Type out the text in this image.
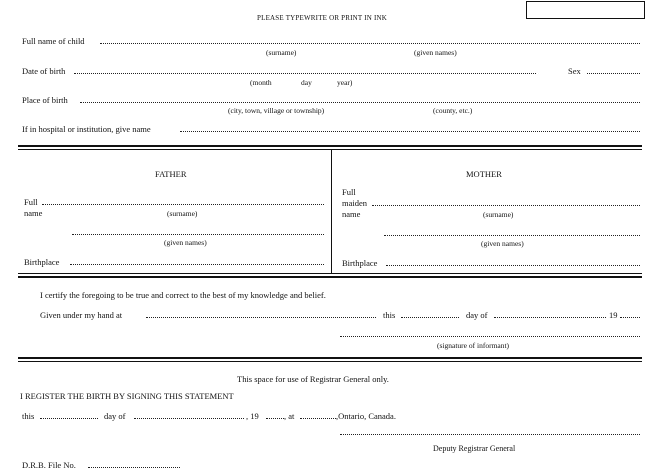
PLEASE TYPEWRITE OR PRINT IN INK
Full name of child
(surname)	(given names)
Date of birth	Sex
(month	day	year)
Place of birth
(city, town, village or township)	(county, etc.)
If in hospital or institution, give name
FATHER
Full
name	(surname)
(given names)
Birthplace
MOTHER
Full
maiden
name	(surname)
(given names)
Birthplace
I certify the foregoing to be true and correct to the best of my knowledge and belief.
Given under my hand at	this	day of	19
(signature of informant)
This space for use of Registrar General only.
I REGISTER THE BIRTH BY SIGNING THIS STATEMENT
this	day of	, 19	, at	,Ontario, Canada.
Deputy Registrar General
D.R.B. File No.
